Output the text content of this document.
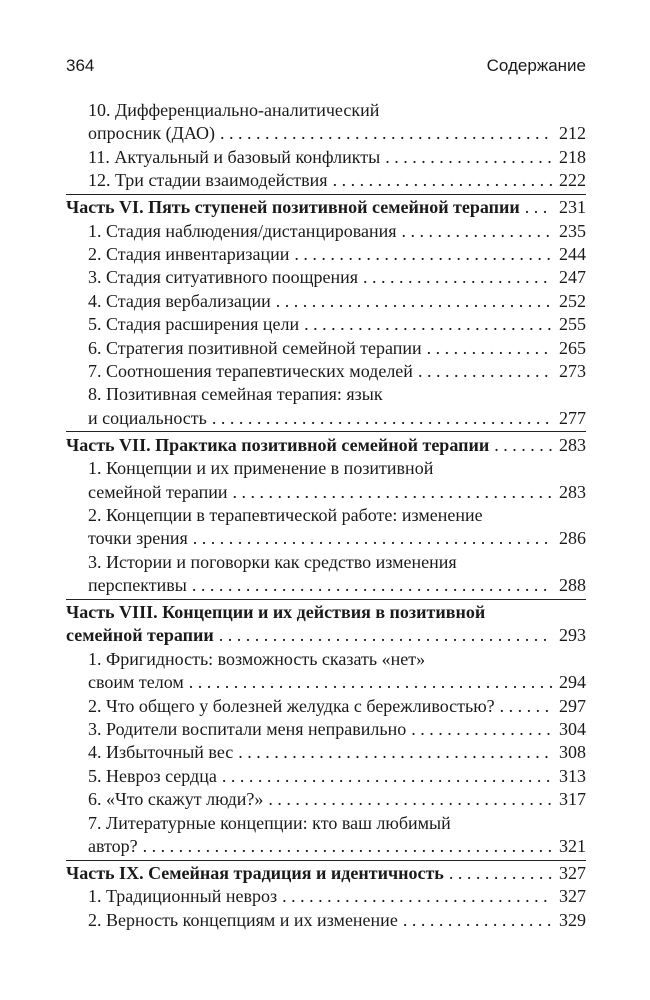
364	Содержание
10. Дифференциально-аналитический
опросник (ДАО) . . .	212
11. Актуальный и базовый конфликты . . .	218
12. Три стадии взаимодействия . . .	222
Часть VI. Пять ступеней позитивной семейной терапии . . .	231
1. Стадия наблюдения/дистанцирования . . .	235
2. Стадия инвентаризации . . .	244
3. Стадия ситуативного поощрения . . .	247
4. Стадия вербализации . . .	252
5. Стадия расширения цели . . .	255
6. Стратегия позитивной семейной терапии . . .	265
7. Соотношения терапевтических моделей . . .	273
8. Позитивная семейная терапия: язык
и социальность . . .	277
Часть VII. Практика позитивной семейной терапии . . .	283
1. Концепции и их применение в позитивной
семейной терапии . . .	283
2. Концепции в терапевтической работе: изменение
точки зрения . . .	286
3. Истории и поговорки как средство изменения
перспективы . . .	288
Часть VIII. Концепции и их действия в позитивной
семейной терапии . . .	293
1. Фригидность: возможность сказать «нет»
своим телом . . .	294
2. Что общего у болезней желудка с бережливостью? . . .	297
3. Родители воспитали меня неправильно . . .	304
4. Избыточный вес . . .	308
5. Невроз сердца . . .	313
6. «Что скажут люди?» . . .	317
7. Литературные концепции: кто ваш любимый
автор? . . .	321
Часть IX. Семейная традиция и идентичность . . .	327
1. Традиционный невроз . . .	327
2. Верность концепциям и их изменение . . .	329
